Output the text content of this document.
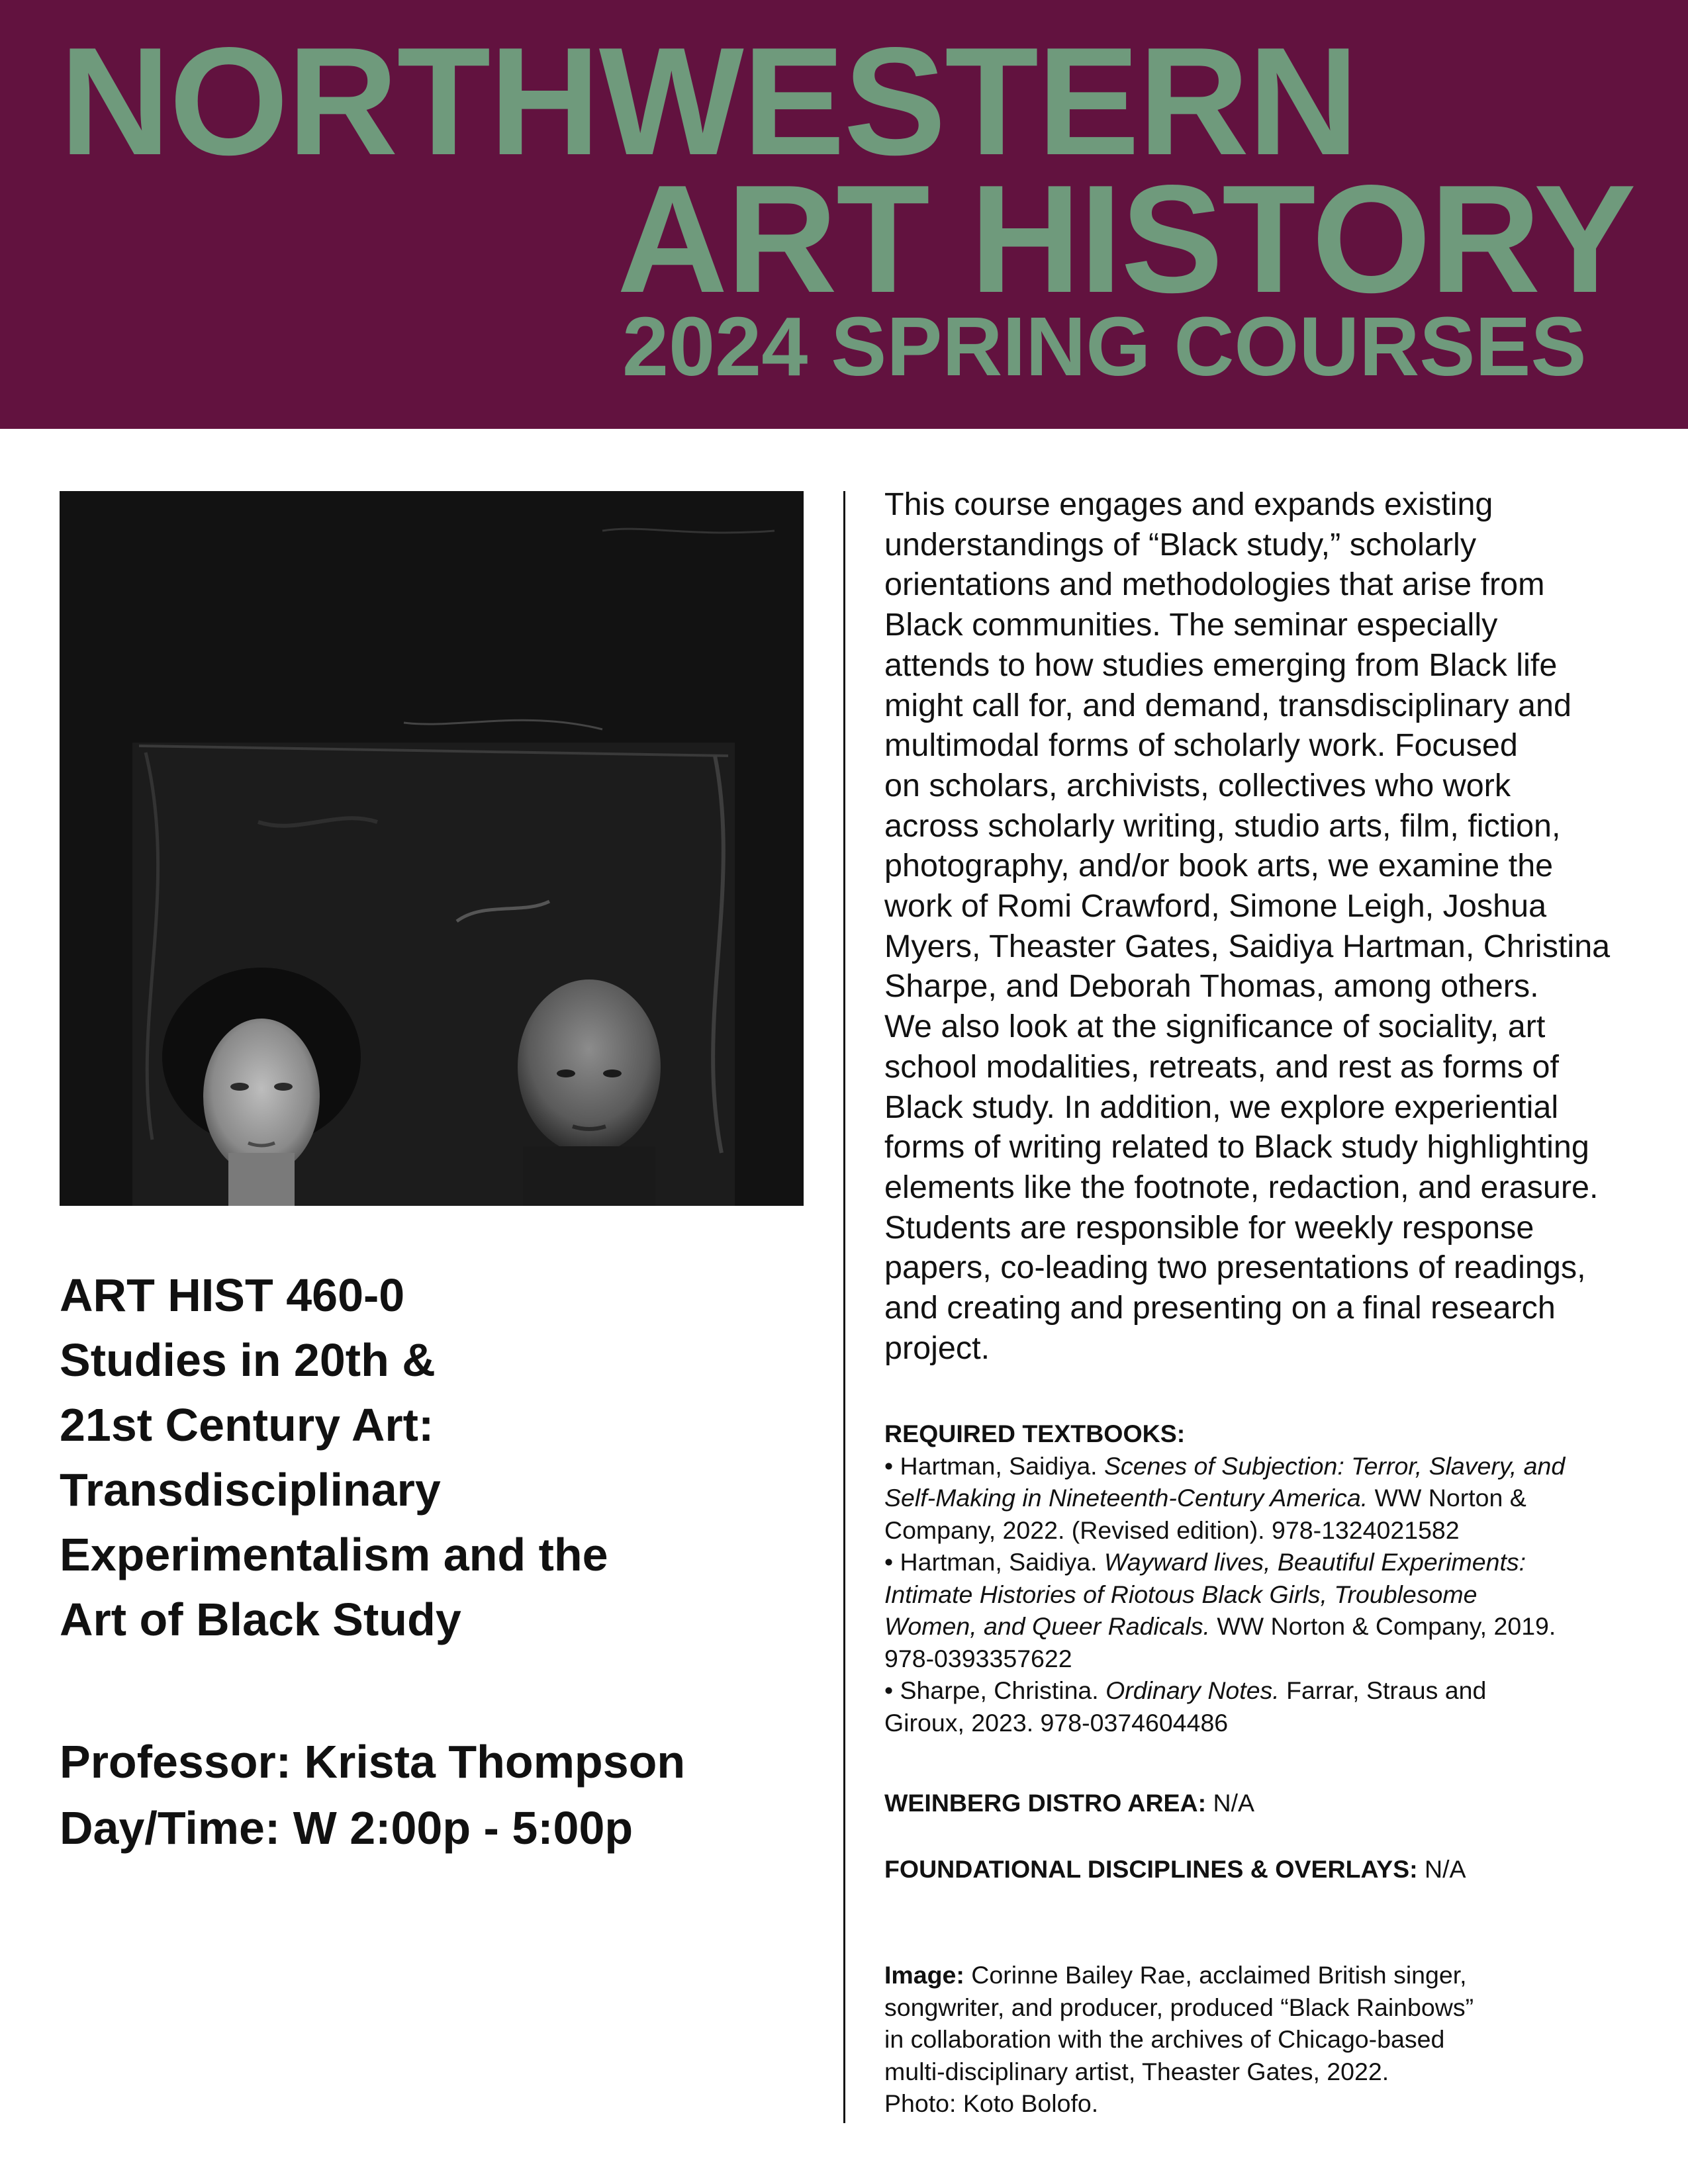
NORTHWESTERN
ART HISTORY
2024 SPRING COURSES
ART HIST 460-0
Studies in 20th &
21st Century Art:
Transdisciplinary
Experimentalism and the
Art of Black Study
Professor: Krista Thompson
Day/Time: W 2:00p - 5:00p
This course engages and expands existing
understandings of “Black study,” scholarly
orientations and methodologies that arise from
Black communities. The seminar especially
attends to how studies emerging from Black life
might call for, and demand, transdisciplinary and
multimodal forms of scholarly work. Focused
on scholars, archivists, collectives who work
across scholarly writing, studio arts, film, fiction,
photography, and/or book arts, we examine the
work of Romi Crawford, Simone Leigh, Joshua
Myers, Theaster Gates, Saidiya Hartman, Christina
Sharpe, and Deborah Thomas, among others.
We also look at the significance of sociality, art
school modalities, retreats, and rest as forms of
Black study. In addition, we explore experiential
forms of writing related to Black study highlighting
elements like the footnote, redaction, and erasure.
Students are responsible for weekly response
papers, co-leading two presentations of readings,
and creating and presenting on a final research
project.
REQUIRED TEXTBOOKS:
• Hartman, Saidiya. Scenes of Subjection: Terror, Slavery, and
Self-Making in Nineteenth-Century America. WW Norton &
Company, 2022. (Revised edition). 978-1324021582
• Hartman, Saidiya. Wayward lives, Beautiful Experiments:
Intimate Histories of Riotous Black Girls, Troublesome
Women, and Queer Radicals. WW Norton & Company, 2019.
978-0393357622
• Sharpe, Christina. Ordinary Notes. Farrar, Straus and
Giroux, 2023. 978-0374604486
WEINBERG DISTRO AREA: N/A
FOUNDATIONAL DISCIPLINES & OVERLAYS: N/A
Image: Corinne Bailey Rae, acclaimed British singer,
songwriter, and producer, produced “Black Rainbows”
in collaboration with the archives of Chicago-based
multi-disciplinary artist, Theaster Gates, 2022.
Photo: Koto Bolofo.
